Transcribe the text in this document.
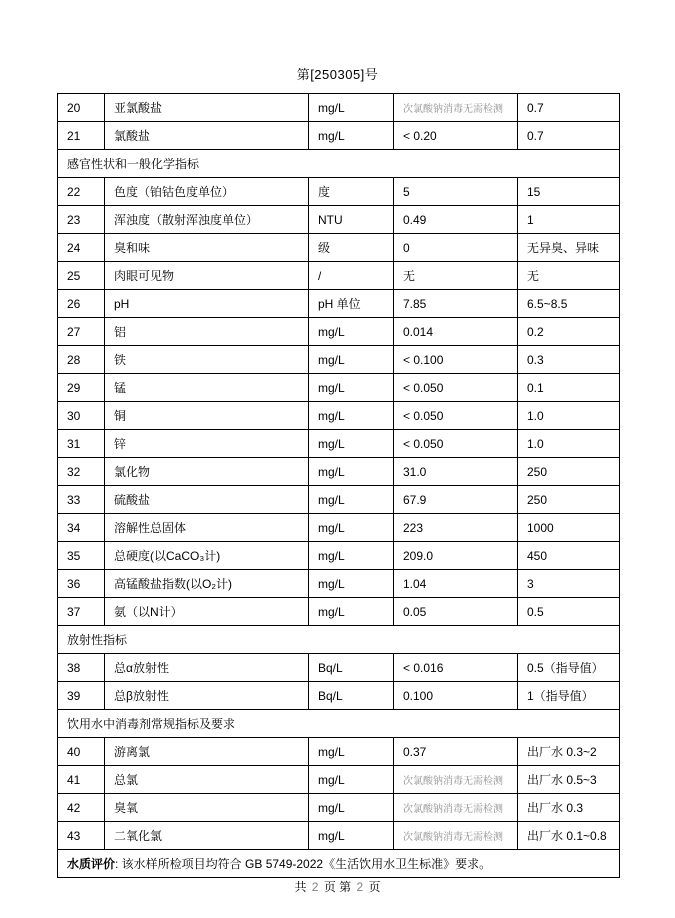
第[250305]号
20	亚氯酸盐	mg/L	次氯酸钠消毒无需检测	0.7
21	氯酸盐	mg/L	< 0.20	0.7
感官性状和一般化学指标				
22	色度（铂钴色度单位）	度	5	15
23	浑浊度（散射浑浊度单位）	NTU	0.49	1
24	臭和味	级	0	无异臭、异味
25	肉眼可见物	/	无	无
26	pH	pH 单位	7.85	6.5~8.5
27	铝	mg/L	0.014	0.2
28	铁	mg/L	< 0.100	0.3
29	锰	mg/L	< 0.050	0.1
30	铜	mg/L	< 0.050	1.0
31	锌	mg/L	< 0.050	1.0
32	氯化物	mg/L	31.0	250
33	硫酸盐	mg/L	67.9	250
34	溶解性总固体	mg/L	223	1000
35	总硬度(以CaCO₃计)	mg/L	209.0	450
36	高锰酸盐指数(以O₂计)	mg/L	1.04	3
37	氨（以N计）	mg/L	0.05	0.5
放射性指标				
38	总α放射性	Bq/L	< 0.016	0.5（指导值）
39	总β放射性	Bq/L	0.100	1（指导值）
饮用水中消毒剂常规指标及要求				
40	游离氯	mg/L	0.37	出厂水 0.3~2
41	总氯	mg/L	次氯酸钠消毒无需检测	出厂水 0.5~3
42	臭氧	mg/L	次氯酸钠消毒无需检测	出厂水 0.3
43	二氧化氯	mg/L	次氯酸钠消毒无需检测	出厂水 0.1~0.8
水质评价: 该水样所检项目均符合 GB 5749-2022《生活饮用水卫生标准》要求。				
共 2 页 第 2 页
